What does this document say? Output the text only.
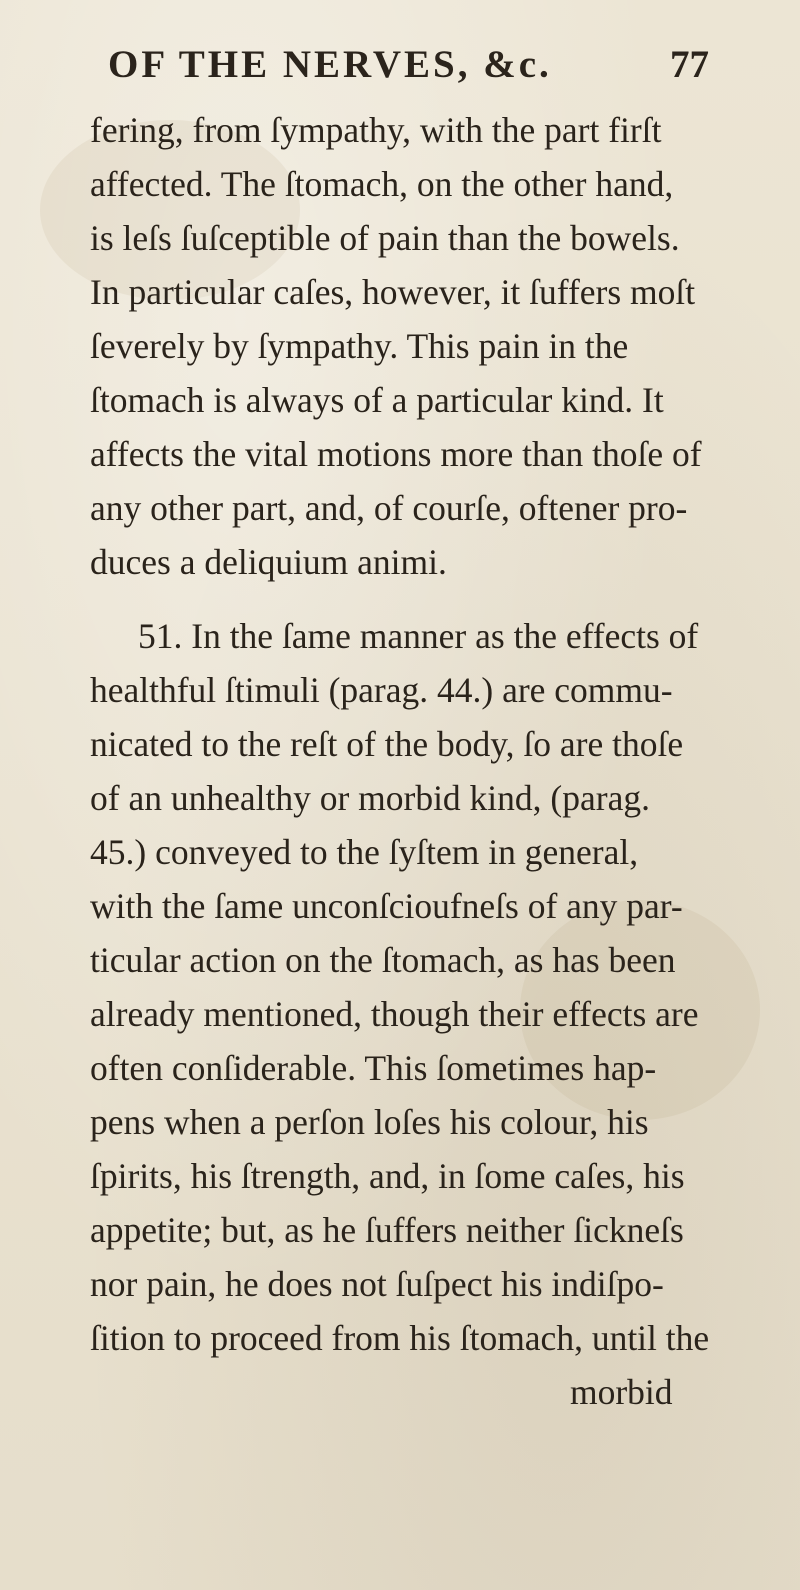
OF THE NERVES, &c.	77
fering, from ſympathy, with the part firſt
affected. The ſtomach, on the other hand,
is leſs ſuſceptible of pain than the bowels.
In particular caſes, however, it ſuffers moſt
ſeverely by ſympathy. This pain in the
ſtomach is always of a particular kind. It
affects the vital motions more than thoſe of
any other part, and, of courſe, oftener pro-
duces a deliquium animi.
51. In the ſame manner as the effects of
healthful ſtimuli (parag. 44.) are commu-
nicated to the reſt of the body, ſo are thoſe
of an unhealthy or morbid kind, (parag.
45.) conveyed to the ſyſtem in general,
with the ſame unconſcioufneſs of any par-
ticular action on the ſtomach, as has been
already mentioned, though their effects are
often conſiderable. This ſometimes hap-
pens when a perſon loſes his colour, his
ſpirits, his ſtrength, and, in ſome caſes, his
appetite; but, as he ſuffers neither ſickneſs
nor pain, he does not ſuſpect his indiſpo-
ſition to proceed from his ſtomach, until the
morbid
